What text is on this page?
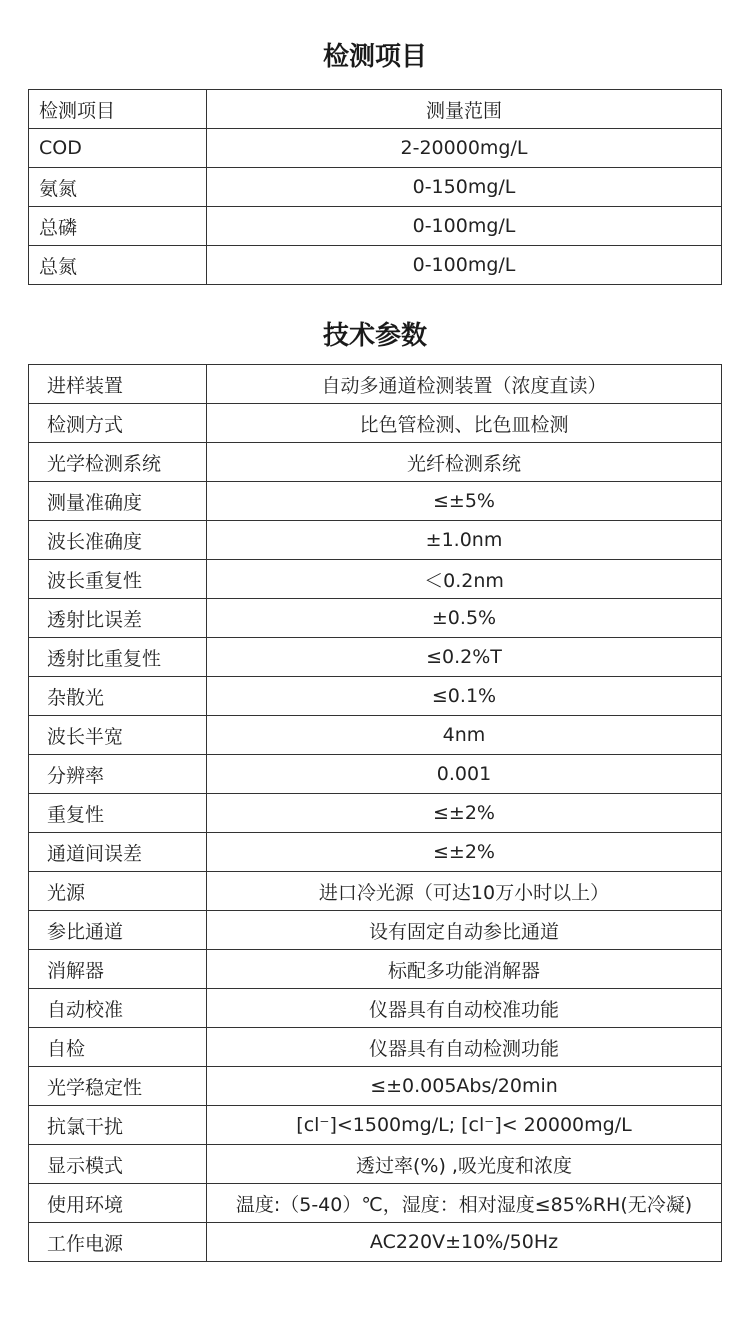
检测项目
检测项目	测量范围
COD	2-20000mg/L
氨氮	0-150mg/L
总磷	0-100mg/L
总氮	0-100mg/L
技术参数
进样装置	自动多通道检测装置（浓度直读）
检测方式	比色管检测、比色皿检测
光学检测系统	光纤检测系统
测量准确度	≤±5%
波长准确度	±1.0nm
波长重复性	＜0.2nm
透射比误差	±0.5%
透射比重复性	≤0.2%T
杂散光	≤0.1%
波长半宽	4nm
分辨率	0.001
重复性	≤±2%
通道间误差	≤±2%
光源	进口冷光源（可达10万小时以上）
参比通道	设有固定自动参比通道
消解器	标配多功能消解器
自动校准	仪器具有自动校准功能
自检	仪器具有自动检测功能
光学稳定性	≤±0.005Abs/20min
抗氯干扰	[cl⁻]<1500mg/L; [cl⁻]< 20000mg/L
显示模式	透过率(%) ,吸光度和浓度
使用环境	温度:（5-40）℃，湿度：相对湿度≤85%RH(无冷凝)
工作电源	AC220V±10%/50Hz
